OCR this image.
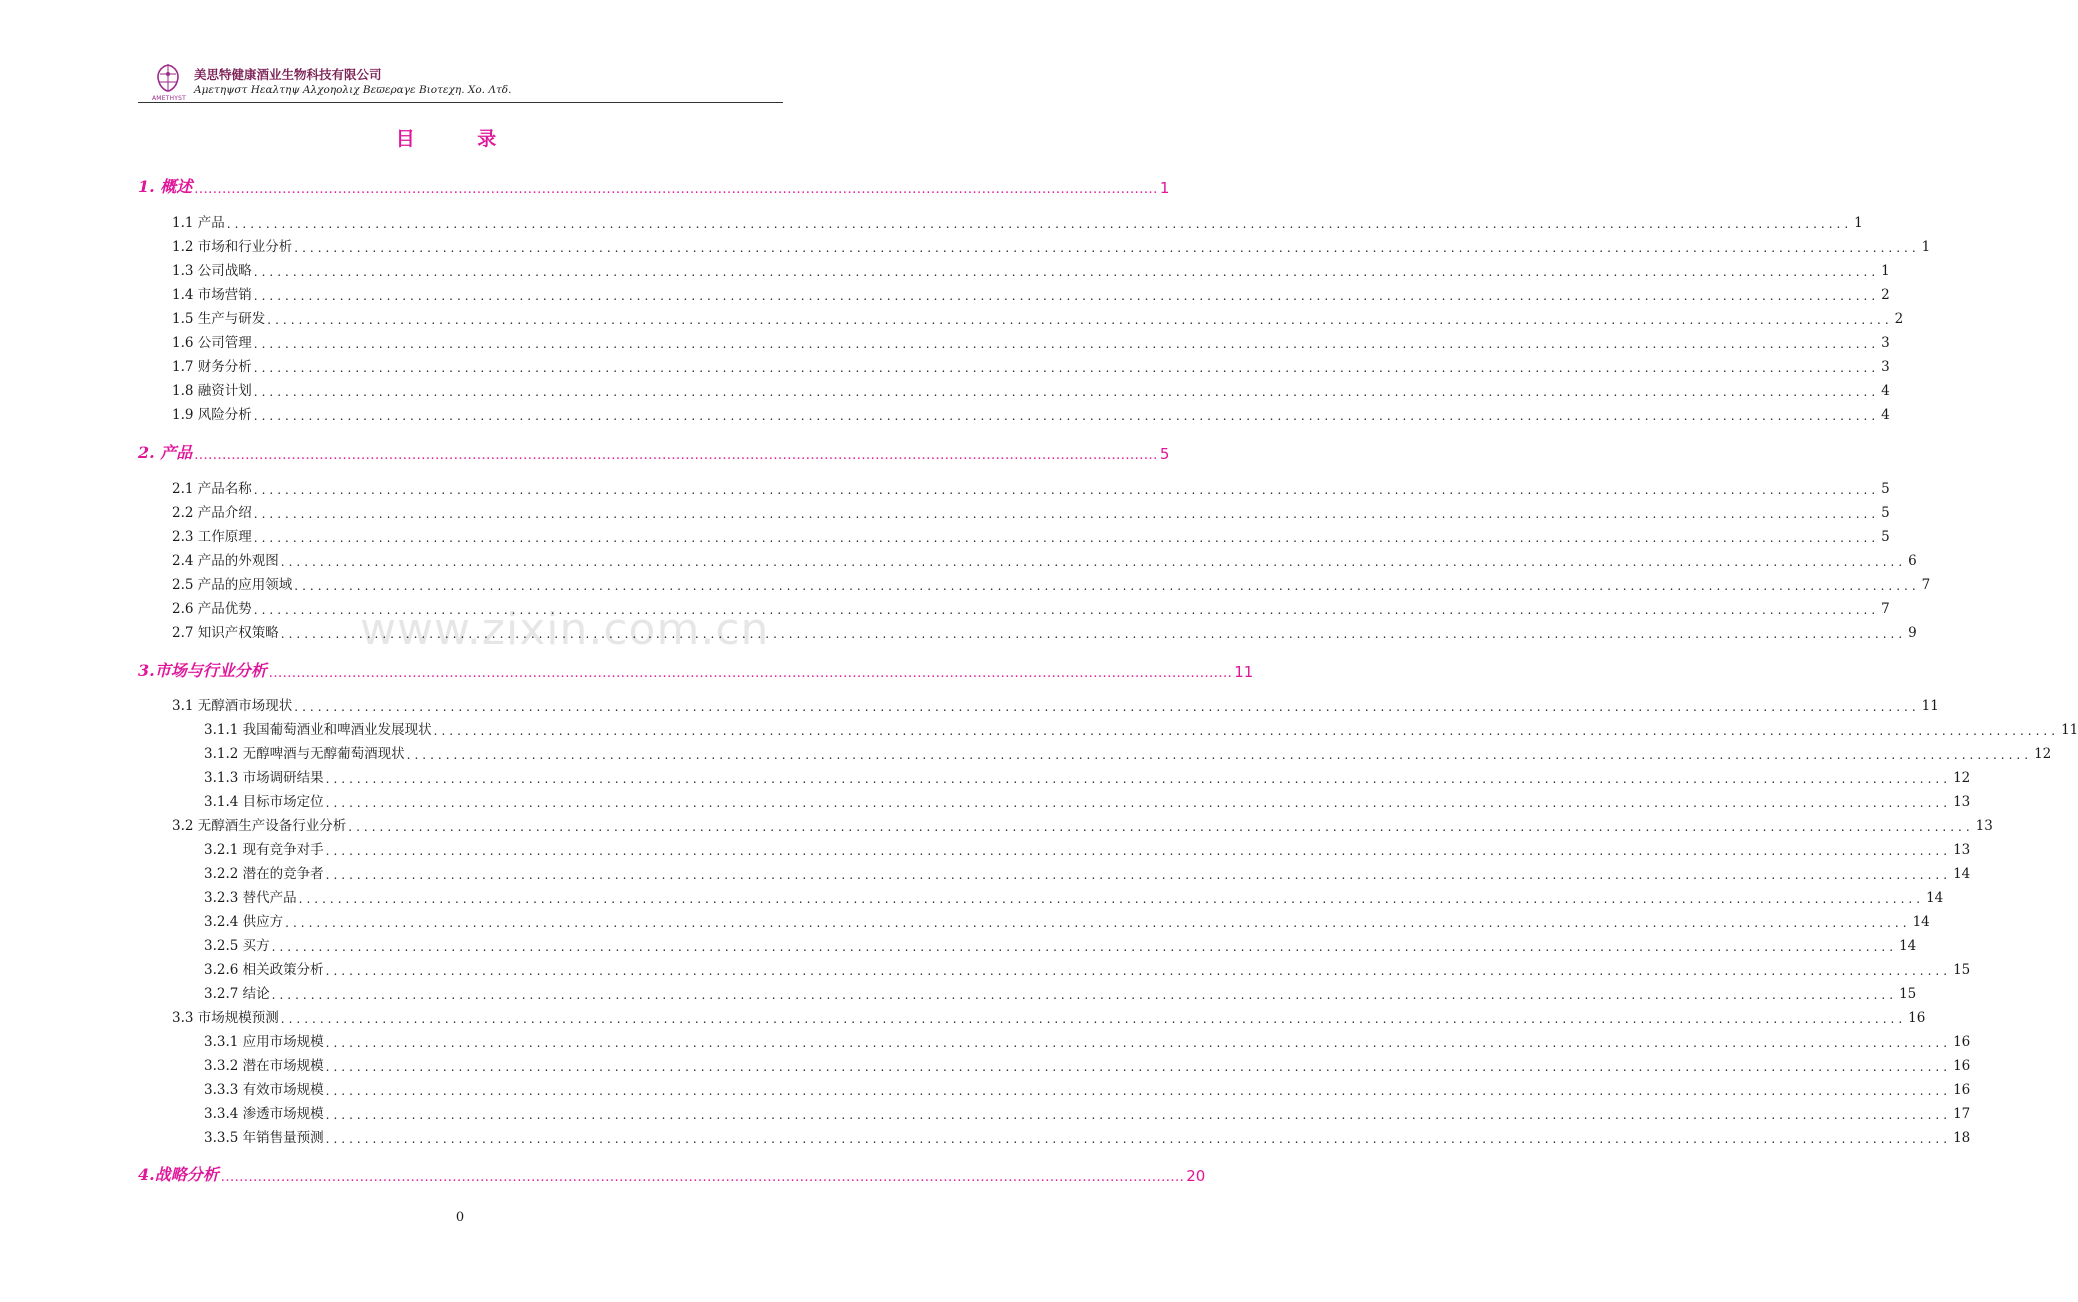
AMETHYST
美思特健康酒业生物科技有限公司
Αμετηψστ Ηεαλτηψ Αλχοηολιχ Βεϖεραγε Βιοτεχη. Χο. Λτδ.
目 录
www.zixin.com.cn
1. 概述 ................................................................................................................................................................................................................ 1
1.1 产品 ................................................................................................................................................................................................................ 1
1.2 市场和行业分析 ................................................................................................................................................................................................................ 1
1.3 公司战略 ................................................................................................................................................................................................................ 1
1.4 市场营销 ................................................................................................................................................................................................................ 2
1.5 生产与研发 ................................................................................................................................................................................................................ 2
1.6 公司管理 ................................................................................................................................................................................................................ 3
1.7 财务分析 ................................................................................................................................................................................................................ 3
1.8 融资计划 ................................................................................................................................................................................................................ 4
1.9 风险分析 ................................................................................................................................................................................................................ 4
2. 产品 ................................................................................................................................................................................................................ 5
2.1 产品名称 ................................................................................................................................................................................................................ 5
2.2 产品介绍 ................................................................................................................................................................................................................ 5
2.3 工作原理 ................................................................................................................................................................................................................ 5
2.4 产品的外观图 ................................................................................................................................................................................................................ 6
2.5 产品的应用领域 ................................................................................................................................................................................................................ 7
2.6 产品优势 ................................................................................................................................................................................................................ 7
2.7 知识产权策略 ................................................................................................................................................................................................................ 9
3.市场与行业分析 ................................................................................................................................................................................................................ 11
3.1 无醇酒市场现状 ................................................................................................................................................................................................................ 11
3.1.1 我国葡萄酒业和啤酒业发展现状 ................................................................................................................................................................................................................ 11
3.1.2 无醇啤酒与无醇葡萄酒现状 ................................................................................................................................................................................................................ 12
3.1.3 市场调研结果 ................................................................................................................................................................................................................ 12
3.1.4 目标市场定位 ................................................................................................................................................................................................................ 13
3.2 无醇酒生产设备行业分析 ................................................................................................................................................................................................................ 13
3.2.1 现有竞争对手 ................................................................................................................................................................................................................ 13
3.2.2 潜在的竞争者 ................................................................................................................................................................................................................ 14
3.2.3 替代产品 ................................................................................................................................................................................................................ 14
3.2.4 供应方 ................................................................................................................................................................................................................ 14
3.2.5 买方 ................................................................................................................................................................................................................ 14
3.2.6 相关政策分析 ................................................................................................................................................................................................................ 15
3.2.7 结论 ................................................................................................................................................................................................................ 15
3.3 市场规模预测 ................................................................................................................................................................................................................ 16
3.3.1 应用市场规模 ................................................................................................................................................................................................................ 16
3.3.2 潜在市场规模 ................................................................................................................................................................................................................ 16
3.3.3 有效市场规模 ................................................................................................................................................................................................................ 16
3.3.4 渗透市场规模 ................................................................................................................................................................................................................ 17
3.3.5 年销售量预测 ................................................................................................................................................................................................................ 18
4.战略分析 ................................................................................................................................................................................................................ 20
0
